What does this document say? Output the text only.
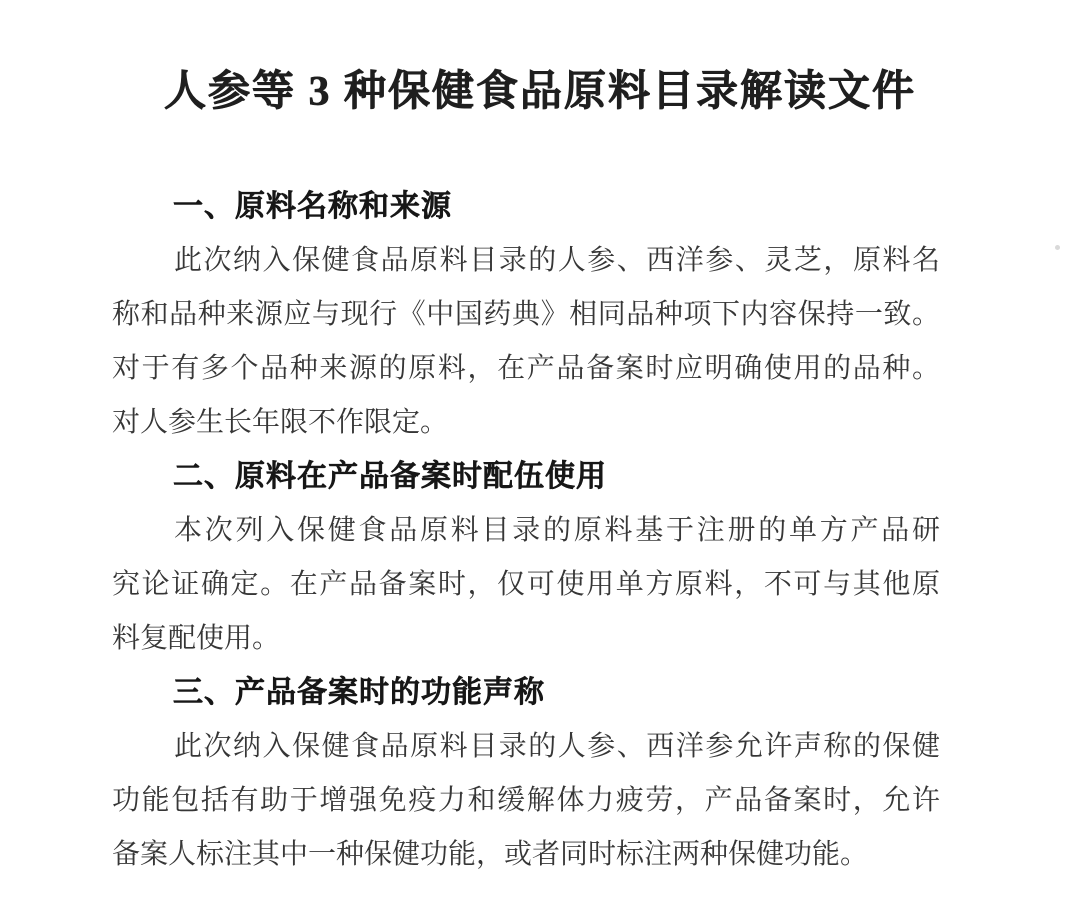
人参等 3 种保健食品原料目录解读文件
一、原料名称和来源
此次纳入保健食品原料目录的人参、西洋参、灵芝，原料名
称和品种来源应与现行《中国药典》相同品种项下内容保持一致。
对于有多个品种来源的原料，在产品备案时应明确使用的品种。
对人参生长年限不作限定。
二、原料在产品备案时配伍使用
本次列入保健食品原料目录的原料基于注册的单方产品研
究论证确定。在产品备案时，仅可使用单方原料，不可与其他原
料复配使用。
三、产品备案时的功能声称
此次纳入保健食品原料目录的人参、西洋参允许声称的保健
功能包括有助于增强免疫力和缓解体力疲劳，产品备案时，允许
备案人标注其中一种保健功能，或者同时标注两种保健功能。
